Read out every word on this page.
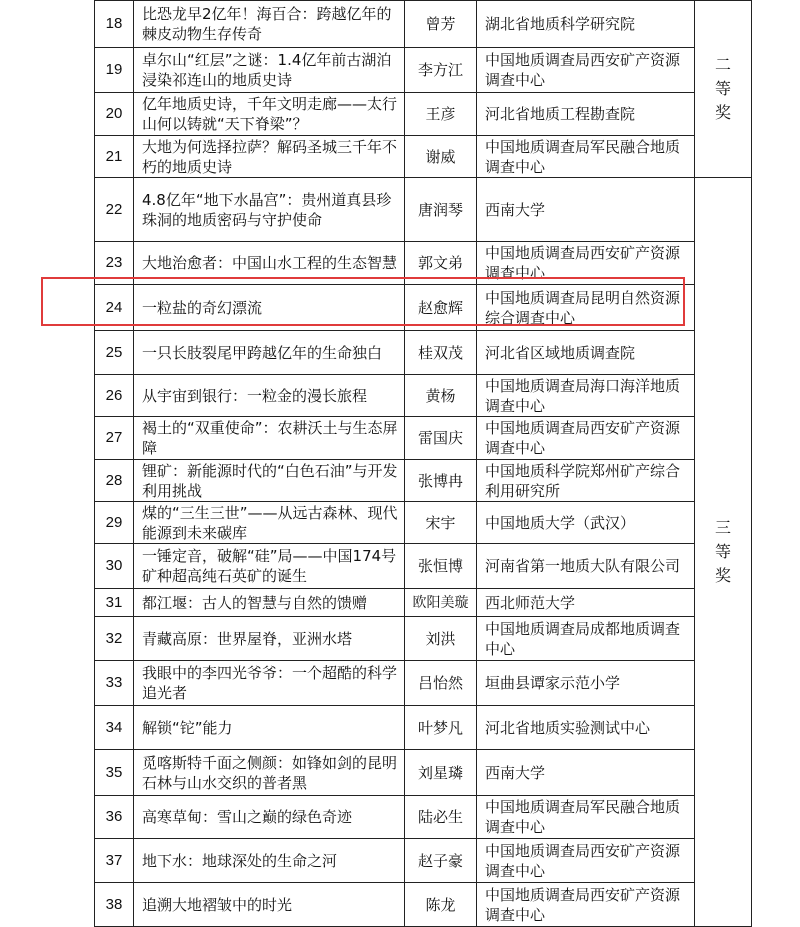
18	比恐龙早2亿年！海百合：跨越亿年的棘皮动物生存传奇	曾芳	湖北省地质科学研究院	二等奖
19	卓尔山“红层”之谜：1.4亿年前古湖泊浸染祁连山的地质史诗	李方江	中国地质调查局西安矿产资源调查中心	
20	亿年地质史诗，千年文明走廊——太行山何以铸就“天下脊梁”？	王彦	河北省地质工程勘查院	
21	大地为何选择拉萨？解码圣城三千年不朽的地质史诗	谢威	中国地质调查局军民融合地质调查中心	
22	4.8亿年“地下水晶宫”：贵州道真县珍珠洞的地质密码与守护使命	唐润琴	西南大学	三等奖
23	大地治愈者：中国山水工程的生态智慧	郭文弟	中国地质调查局西安矿产资源调查中心	
24	一粒盐的奇幻漂流	赵愈辉	中国地质调查局昆明自然资源综合调查中心	
25	一只长肢裂尾甲跨越亿年的生命独白	桂双茂	河北省区域地质调查院	
26	从宇宙到银行：一粒金的漫长旅程	黄杨	中国地质调查局海口海洋地质调查中心	
27	褐土的“双重使命”：农耕沃土与生态屏障	雷国庆	中国地质调查局西安矿产资源调查中心	
28	锂矿：新能源时代的“白色石油”与开发利用挑战	张博冉	中国地质科学院郑州矿产综合利用研究所	
29	煤的“三生三世”——从远古森林、现代能源到未来碳库	宋宇	中国地质大学（武汉）	
30	一锤定音，破解“硅”局——中国174号矿种超高纯石英矿的诞生	张恒博	河南省第一地质大队有限公司	
31	都江堰：古人的智慧与自然的馈赠	欧阳美璇	西北师范大学	
32	青藏高原：世界屋脊，亚洲水塔	刘洪	中国地质调查局成都地质调查中心	
33	我眼中的李四光爷爷：一个超酷的科学追光者	吕怡然	垣曲县谭家示范小学	
34	解锁“铊”能力	叶梦凡	河北省地质实验测试中心	
35	觅喀斯特千面之侧颜：如锋如剑的昆明石林与山水交织的普者黑	刘星璘	西南大学	
36	高寒草甸：雪山之巅的绿色奇迹	陆必生	中国地质调查局军民融合地质调查中心	
37	地下水：地球深处的生命之河	赵子豪	中国地质调查局西安矿产资源调查中心	
38	追溯大地褶皱中的时光	陈龙	中国地质调查局西安矿产资源调查中心	
